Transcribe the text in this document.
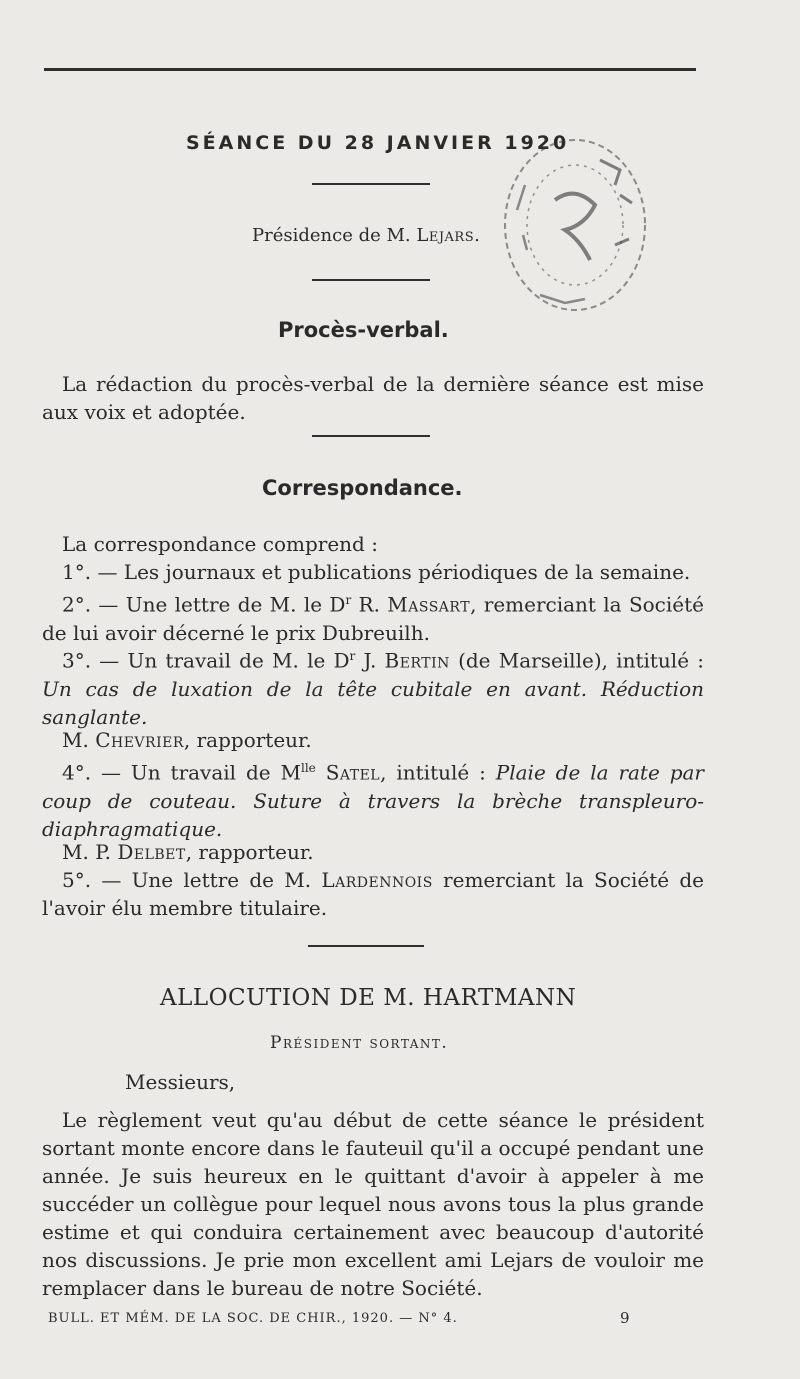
SÉANCE DU 28 JANVIER 1920
Présidence de M. Lejars.
Procès-verbal.

La rédaction du procès-verbal de la dernière séance est mise aux voix et adoptée.

Correspondance.

La correspondance comprend :

1°. — Les journaux et publications périodiques de la semaine.

2°. — Une lettre de M. le $D^r$ R. Massart, remerciant la Société de lui avoir décerné le prix Dubreuilh.

3°. — Un travail de M. le $D^r$ J. Bertin (de Marseille), intitulé : Un cas de luxation de la tête cubitale en avant. Réduction sanglante.

M. Chevrier, rapporteur.

4°. — Un travail de $M^{lle}$ Satel, intitulé : Plaie de la rate par coup de couteau. Suture à travers la brèche transpleuro-diaphragmatique.

M. P. Delbet, rapporteur.

5°. — Une lettre de M. Lardennois remerciant la Société de l'avoir élu membre titulaire.

ALLOCUTION DE M. HARTMANN
Président sortant.
Messieurs,

Le règlement veut qu'au début de cette séance le président sortant monte encore dans le fauteuil qu'il a occupé pendant une année. Je suis heureux en le quittant d'avoir à appeler à me succéder un collègue pour lequel nous avons tous la plus grande estime et qui conduira certainement avec beaucoup d'autorité nos discussions. Je prie mon excellent ami Lejars de vouloir me remplacer dans le bureau de notre Société.

BULL. ET MÉM. DE LA SOC. DE CHIR., 1920. — N° 4.	9
